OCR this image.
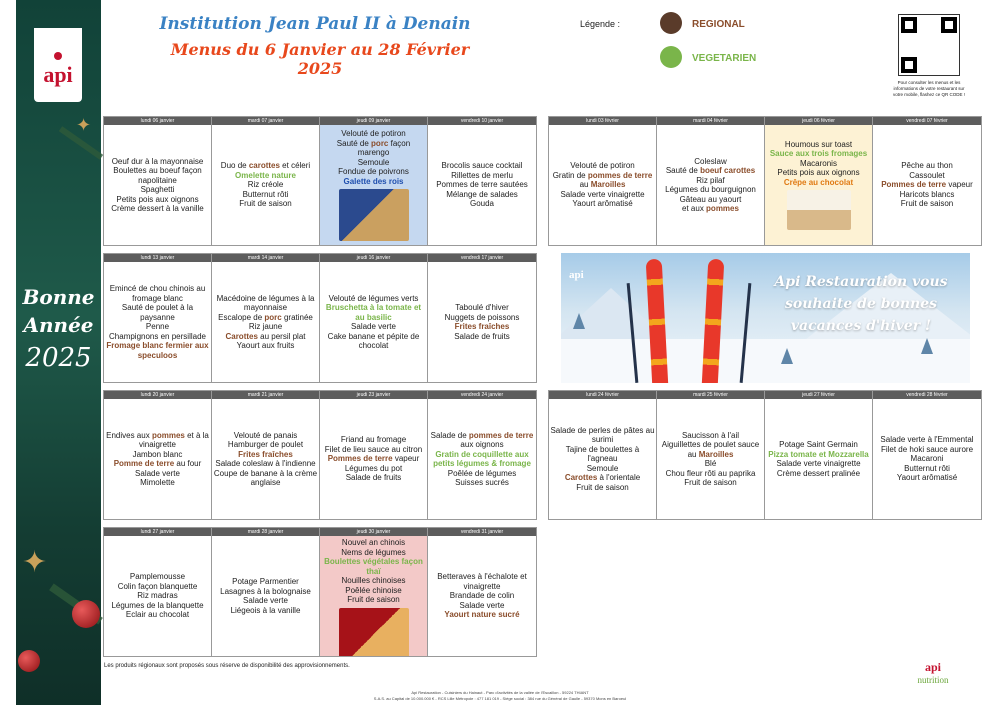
api
✦
✦
Bonne
Année
2025
Institution Jean Paul II à Denain
Menus du 6 Janvier au 28 Février 2025
Légende :	REGIONAL
VEGETARIEN
Pour consulter les menus et les informations de votre restaurant sur votre mobile, flashez ce QR CODE !
lundi 06 janvier
Oeuf dur à la mayonnaise
Boulettes au boeuf façon napolitaine
Spaghetti
Petits pois aux oignons
Crème dessert à la vanille
mardi 07 janvier
Duo de carottes et céleri
Omelette nature
Riz créole
Butternut rôti
Fruit de saison
jeudi 09 janvier
Velouté de potiron
Sauté de porc façon marengo
Semoule
Fondue de poivrons
Galette des rois
vendredi 10 janvier
Brocolis sauce cocktail
Rillettes de merlu
Pommes de terre sautées
Mélange de salades
Gouda
lundi 03 février
Velouté de potiron
Gratin de pommes de terre au Maroilles
Salade verte vinaigrette
Yaourt arômatisé
mardi 04 février
Coleslaw
Sauté de boeuf carottes
Riz pilaf
Légumes du bourguignon
Gâteau au yaourt
et aux pommes
jeudi 06 février
Houmous sur toast
Sauce aux trois fromages
Macaronis
Petits pois aux oignons
Crêpe au chocolat
vendredi 07 février
Pêche au thon
Cassoulet
Pommes de terre vapeur
Haricots blancs
Fruit de saison
lundi 13 janvier
Emincé de chou chinois au fromage blanc
Sauté de poulet à la paysanne
Penne
Champignons en persillade
Fromage blanc fermier aux speculoos
mardi 14 janvier
Macédoine de légumes à la mayonnaise
Escalope de porc gratinée
Riz jaune
Carottes au persil plat
Yaourt aux fruits
jeudi 16 janvier
Velouté de légumes verts
Bruschetta à la tomate et au basilic
Salade verte
Cake banane et pépite de chocolat
vendredi 17 janvier
Taboulé d'hiver
Nuggets de poissons
Frites fraîches
Salade de fruits
lundi 20 janvier
Endives aux pommes et à la vinaigrette
Jambon blanc
Pomme de terre au four
Salade verte
Mimolette
mardi 21 janvier
Velouté de panais
Hamburger de poulet
Frites fraîches
Salade coleslaw à l'indienne
Coupe de banane à la crème anglaise
jeudi 23 janvier
Friand au fromage
Filet de lieu sauce au citron
Pommes de terre vapeur
Légumes du pot
Salade de fruits
vendredi 24 janvier
Salade de pommes de terre aux oignons
Gratin de coquillette aux petits légumes & fromage
Poêlée de légumes
Suisses sucrés
lundi 24 février
Salade de perles de pâtes au surimi
Tajine de boulettes à l'agneau
Semoule
Carottes à l'orientale
Fruit de saison
mardi 25 février
Saucisson à l'ail
Aiguillettes de poulet sauce au Maroilles
Blé
Chou fleur rôti au paprika
Fruit de saison
jeudi 27 février
Potage Saint Germain
Pizza tomate et Mozzarella
Salade verte vinaigrette
Crème dessert pralinée
vendredi 28 février
Salade verte à l'Emmental
Filet de hoki sauce aurore
Macaroni
Butternut rôti
Yaourt arômatisé
lundi 27 janvier
Pamplemousse
Colin façon blanquette
Riz madras
Légumes de la blanquette
Eclair au chocolat
mardi 28 janvier
Potage Parmentier
Lasagnes à la bolognaise
Salade verte
Liégeois à la vanille
jeudi 30 janvier
Nouvel an chinois
Nems de légumes
Boulettes végétales façon thaï
Nouilles chinoises
Poêlée chinoise
Fruit de saison
vendredi 31 janvier
Betteraves à l'échalote et vinaigrette
Brandade de colin
Salade verte
Yaourt nature sucré
api	Api Restauration vous souhaite de bonnes vacances d'hiver !
Les produits régionaux sont proposés sous réserve de disponibilité des approvisionnements.
Api Restauration - Cuisiniers du Hainaut - Parc d'activités de la vallée de l'Escaillon - 59224 THIANT
S.A.S. au Capital de 10.000.000 € - RCS Lille Métropole : 477 181 019 - Siège social : 384 rue du Général de Gaulle - 59370 Mons en Baroeul
api
nutrition
